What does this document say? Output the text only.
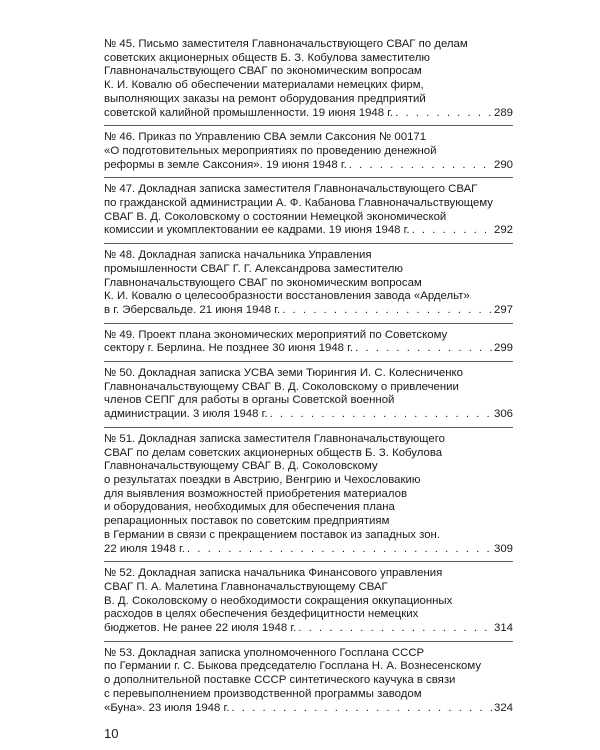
№ 45. Письмо заместителя Главноначальствующего СВАГ по делам
советских акционерных обществ Б. З. Кобулова заместителю
Главноначальствующего СВАГ по экономическим вопросам
К. И. Ковалю об обеспечении материалами немецких фирм,
выполняющих заказы на ремонт оборудования предприятий
советской калийной промышленности. 19 июня 1948 г. . . .	289
№ 46. Приказ по Управлению СВА земли Саксония № 00171
«О подготовительных мероприятиях по проведению денежной
реформы в земле Саксония». 19 июня 1948 г. . . .	290
№ 47. Докладная записка заместителя Главноначальствующего СВАГ
по гражданской администрации А. Ф. Кабанова Главноначальствующему
СВАГ В. Д. Соколовскому о состоянии Немецкой экономической
комиссии и укомплектовании ее кадрами. 19 июня 1948 г. . . .	292
№ 48. Докладная записка начальника Управления
промышленности СВАГ Г. Г. Александрова заместителю
Главноначальствующего СВАГ по экономическим вопросам
К. И. Ковалю о целесообразности восстановления завода «Ардельт»
в г. Эберсвальде. 21 июня 1948 г. . . .	297
№ 49. Проект плана экономических мероприятий по Советскому
сектору г. Берлина. Не позднее 30 июня 1948 г. . . .	299
№ 50. Докладная записка УСВА земи Тюрингия И. С. Колесниченко
Главноначальствующему СВАГ В. Д. Соколовскому о привлечении
членов СЕПГ для работы в органы Советской военной
администрации. 3 июля 1948 г. . . .	306
№ 51. Докладная записка заместителя Главноначальствующего
СВАГ по делам советских акционерных обществ Б. З. Кобулова
Главноначальствующему СВАГ В. Д. Соколовскому
о результатах поездки в Австрию, Венгрию и Чехословакию
для выявления возможностей приобретения материалов
и оборудования, необходимых для обеспечения плана
репарационных поставок по советским предприятиям
в Германии в связи с прекращением поставок из западных зон.
22 июля 1948 г. . . .	309
№ 52. Докладная записка начальника Финансового управления
СВАГ П. А. Малетина Главноначальствующему СВАГ
В. Д. Соколовскому о необходимости сокращения оккупационных
расходов в целях обеспечения бездефицитности немецких
бюджетов. Не ранее 22 июля 1948 г. . . .	314
№ 53. Докладная записка уполномоченного Госплана СССР
по Германии г. С. Быкова председателю Госплана Н. А. Вознесенскому
о дополнительной поставке СССР синтетического каучука в связи
с перевыполнением производственной программы заводом
«Буна». 23 июля 1948 г. . . .	324
10
